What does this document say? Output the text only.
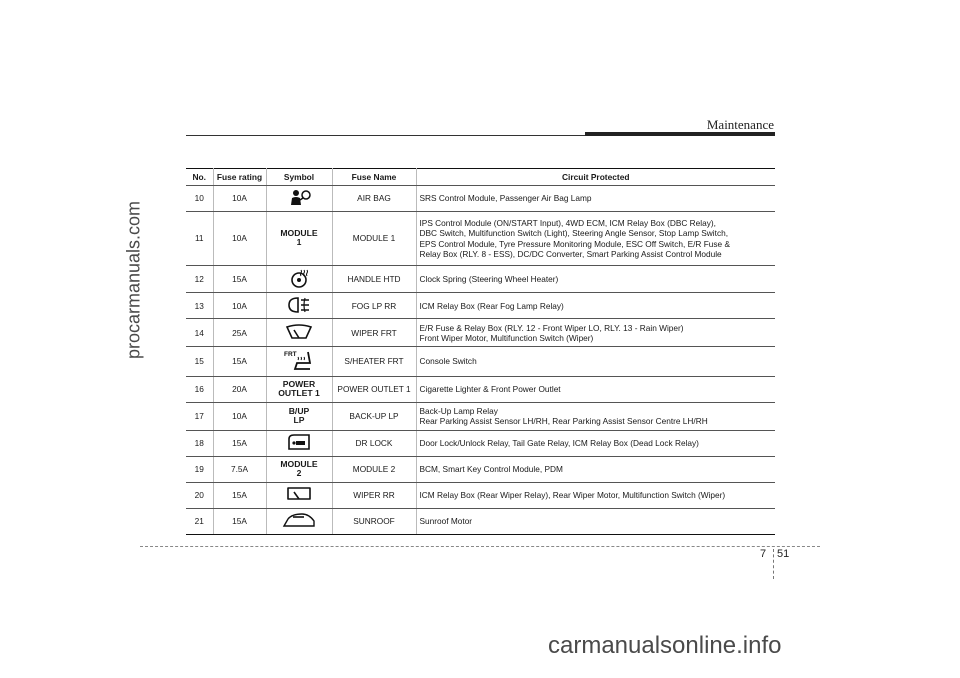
procarmanuals.com
carmanualsonline.info
Maintenance
No.	Fuse rating	Symbol	Fuse Name	Circuit Protected
10	10A		AIR BAG	SRS Control Module, Passenger Air Bag Lamp

11	10A	MODULE
1	MODULE 1	IPS Control Module (ON/START Input), 4WD ECM, ICM Relay Box (DBC Relay),
DBC Switch, Multifunction Switch (Light), Steering Angle Sensor, Stop Lamp Switch,
EPS Control Module, Tyre Pressure Monitoring Module, ESC Off Switch, E/R Fuse &
Relay Box (RLY. 8 - ESS), DC/DC Converter, Smart Parking Assist Control Module

12	15A		HANDLE HTD	Clock Spring (Steering Wheel Heater)

13	10A		FOG LP RR	ICM Relay Box (Rear Fog Lamp Relay)

14	25A		WIPER FRT	E/R Fuse & Relay Box (RLY. 12 - Front Wiper LO, RLY. 13 - Rain Wiper)
Front Wiper Motor, Multifunction Switch (Wiper)

15	15A	FRT	S/HEATER FRT	Console Switch

16	20A	POWER
OUTLET 1	POWER OUTLET 1	Cigarette Lighter & Front Power Outlet

17	10A	B/UP
LP	BACK-UP LP	Back-Up Lamp Relay
Rear Parking Assist Sensor LH/RH, Rear Parking Assist Sensor Centre LH/RH

18	15A		DR LOCK	Door Lock/Unlock Relay, Tail Gate Relay, ICM Relay Box (Dead Lock Relay)

19	7.5A	MODULE
2	MODULE 2	BCM, Smart Key Control Module, PDM

20	15A		WIPER RR	ICM Relay Box (Rear Wiper Relay), Rear Wiper Motor, Multifunction Switch (Wiper)

21	15A		SUNROOF	Sunroof Motor
7 51
